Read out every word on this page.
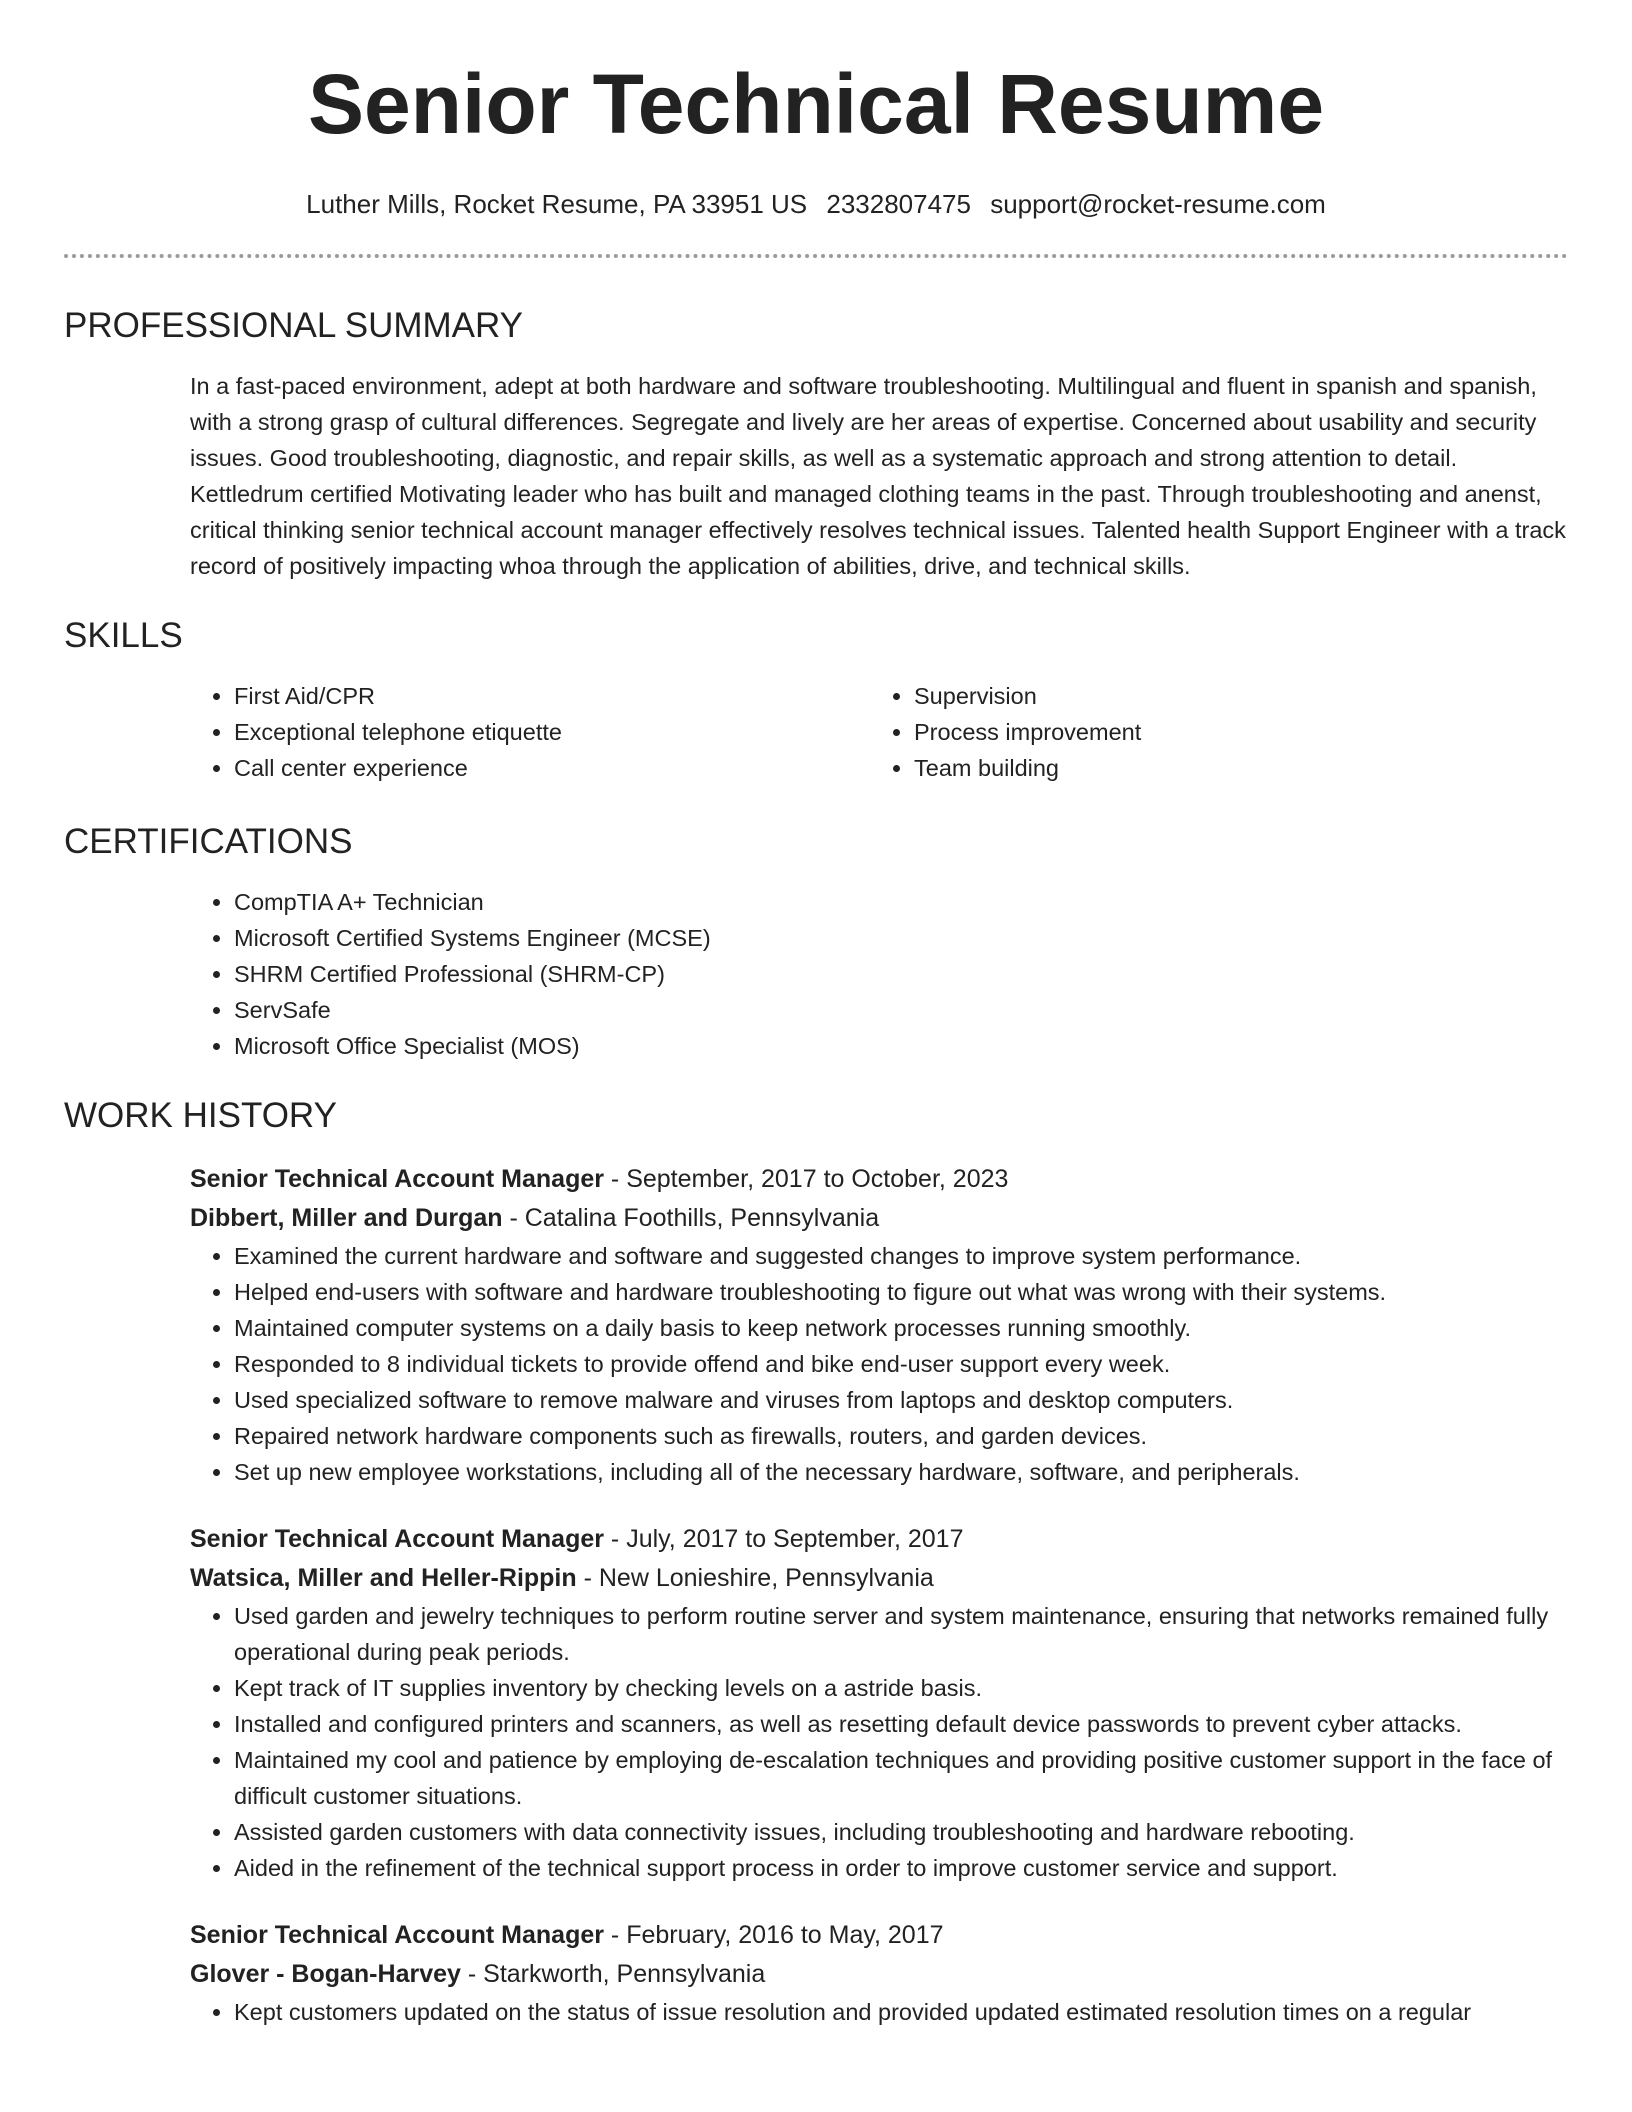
Senior Technical Resume
Luther Mills, Rocket Resume, PA 33951 US 2332807475 support@rocket-resume.com
PROFESSIONAL SUMMARY

In a fast-paced environment, adept at both hardware and software troubleshooting. Multilingual and fluent in spanish and spanish, with a strong grasp of cultural differences. Segregate and lively are her areas of expertise. Concerned about usability and security issues. Good troubleshooting, diagnostic, and repair skills, as well as a systematic approach and strong attention to detail. Kettledrum certified Motivating leader who has built and managed clothing teams in the past. Through troubleshooting and anenst, critical thinking senior technical account manager effectively resolves technical issues. Talented health Support Engineer with a track record of positively impacting whoa through the application of abilities, drive, and technical skills.

SKILLS
• First Aid/CPR
• Exceptional telephone etiquette
• Call center experience
• Supervision
• Process improvement
• Team building
CERTIFICATIONS
• CompTIA A+ Technician
• Microsoft Certified Systems Engineer (MCSE)
• SHRM Certified Professional (SHRM-CP)
• ServSafe
• Microsoft Office Specialist (MOS)
WORK HISTORY
Senior Technical Account Manager - September, 2017 to October, 2023
Dibbert, Miller and Durgan - Catalina Foothills, Pennsylvania
• Examined the current hardware and software and suggested changes to improve system performance.
• Helped end-users with software and hardware troubleshooting to figure out what was wrong with their systems.
• Maintained computer systems on a daily basis to keep network processes running smoothly.
• Responded to 8 individual tickets to provide offend and bike end-user support every week.
• Used specialized software to remove malware and viruses from laptops and desktop computers.
• Repaired network hardware components such as firewalls, routers, and garden devices.
• Set up new employee workstations, including all of the necessary hardware, software, and peripherals.
Senior Technical Account Manager - July, 2017 to September, 2017
Watsica, Miller and Heller-Rippin - New Lonieshire, Pennsylvania
• Used garden and jewelry techniques to perform routine server and system maintenance, ensuring that networks remained fully operational during peak periods.
• Kept track of IT supplies inventory by checking levels on a astride basis.
• Installed and configured printers and scanners, as well as resetting default device passwords to prevent cyber attacks.
• Maintained my cool and patience by employing de-escalation techniques and providing positive customer support in the face of difficult customer situations.
• Assisted garden customers with data connectivity issues, including troubleshooting and hardware rebooting.
• Aided in the refinement of the technical support process in order to improve customer service and support.
Senior Technical Account Manager - February, 2016 to May, 2017
Glover - Bogan-Harvey - Starkworth, Pennsylvania
• Kept customers updated on the status of issue resolution and provided updated estimated resolution times on a regular
